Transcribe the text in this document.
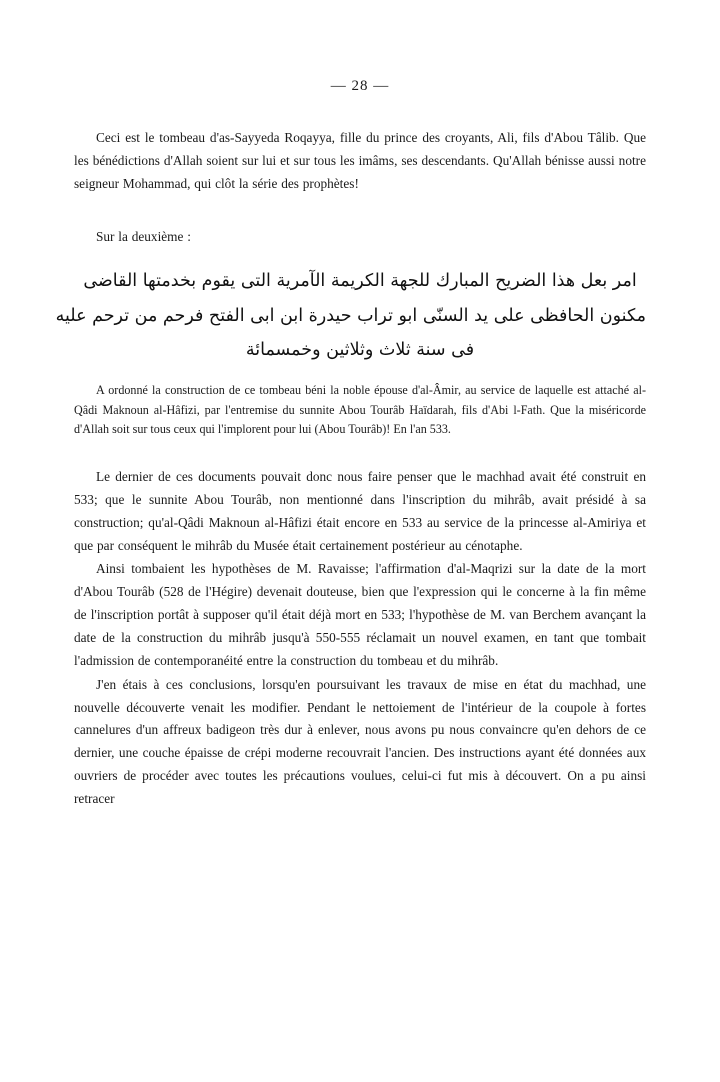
— 28 —

Ceci est le tombeau d'as-Sayyeda Roqayya, fille du prince des croyants, Ali, fils d'Abou Tâlib. Que les bénédictions d'Allah soient sur lui et sur tous les imâms, ses descendants. Qu'Allah bénisse aussi notre seigneur Mohammad, qui clôt la série des prophètes!

Sur la deuxième :

امر بعل هذا الضريح المبارك للجهة الكريمة الآمرية التى يقوم بخدمتها القاضى
مكنون الحافظى على يد السنّى ابو تراب حيدرة ابن ابى الفتح فرحم من ترحم عليه
فى سنة ثلاث وثلاثين وخمسمائة

A ordonné la construction de ce tombeau béni la noble épouse d'al-Âmir, au service de laquelle est attaché al-Qâdi Maknoun al-Hâfizi, par l'entremise du sunnite Abou Tourâb Haïdarah, fils d'Abi l-Fath. Que la miséricorde d'Allah soit sur tous ceux qui l'implorent pour lui (Abou Tourâb)! En l'an 533.

Le dernier de ces documents pouvait donc nous faire penser que le machhad avait été construit en 533; que le sunnite Abou Tourâb, non mentionné dans l'inscription du mihrâb, avait présidé à sa construction; qu'al-Qâdi Maknoun al-Hâfizi était encore en 533 au service de la princesse al-Amiriya et que par conséquent le mihrâb du Musée était certainement postérieur au cénotaphe.

Ainsi tombaient les hypothèses de M. Ravaisse; l'affirmation d'al-Maqrizi sur la date de la mort d'Abou Tourâb (528 de l'Hégire) devenait douteuse, bien que l'expression qui le concerne à la fin même de l'inscription portât à supposer qu'il était déjà mort en 533; l'hypothèse de M. van Berchem avançant la date de la construction du mihrâb jusqu'à 550-555 réclamait un nouvel examen, en tant que tombait l'admission de contemporanéité entre la construction du tombeau et du mihrâb.

J'en étais à ces conclusions, lorsqu'en poursuivant les travaux de mise en état du machhad, une nouvelle découverte venait les modifier. Pendant le nettoiement de l'intérieur de la coupole à fortes cannelures d'un affreux badigeon très dur à enlever, nous avons pu nous convaincre qu'en dehors de ce dernier, une couche épaisse de crépi moderne recouvrait l'ancien. Des instructions ayant été données aux ouvriers de procéder avec toutes les précautions voulues, celui-ci fut mis à découvert. On a pu ainsi retracer
